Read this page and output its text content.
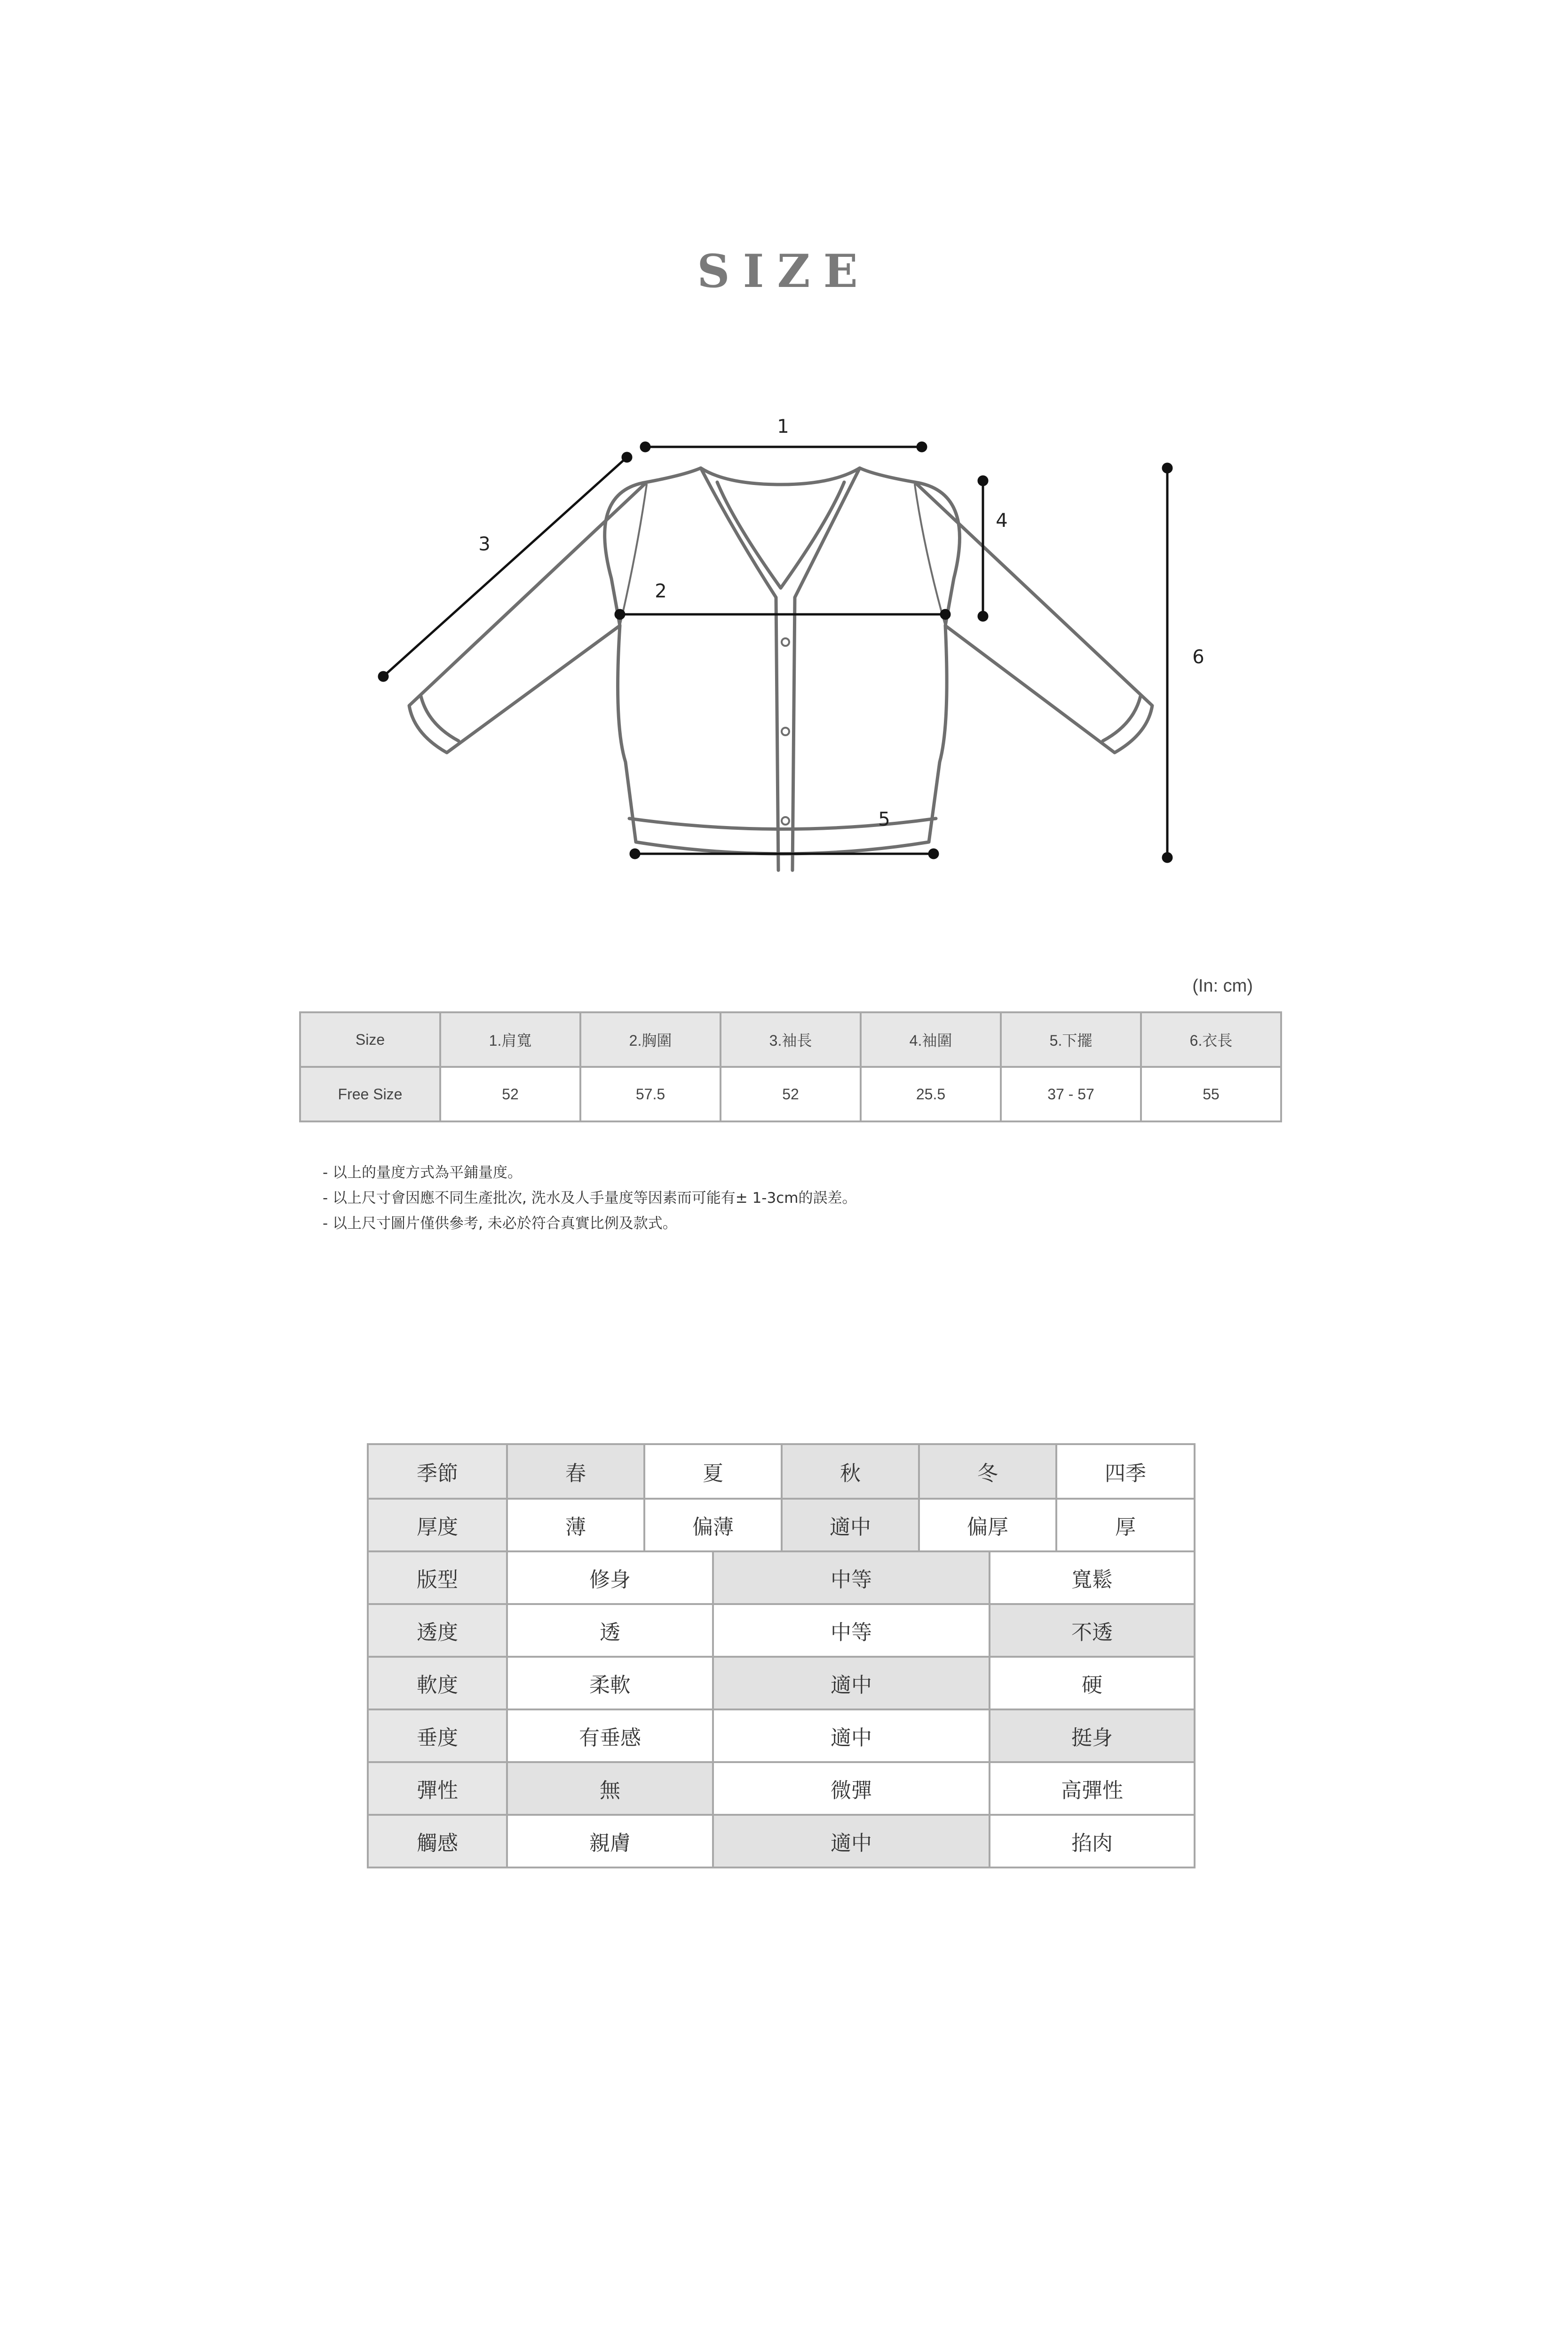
SIZE
1
2
3
4
5
6
(In: cm)
Size	1.肩寬	2.胸圍	3.袖長	4.袖圍	5.下擺	6.衣長
Free Size	52	57.5	52	25.5	37 - 57	55
- 以上的量度方式為平鋪量度。
- 以上尺寸會因應不同生產批次, 洗水及人手量度等因素而可能有± 1-3cm的誤差。
- 以上尺寸圖片僅供參考, 未必於符合真實比例及款式。
季節	春	夏	秋	冬	四季
厚度	薄	偏薄	適中	偏厚	厚
版型	修身	中等	寬鬆
透度	透	中等	不透
軟度	柔軟	適中	硬
垂度	有垂感	適中	挺身
彈性	無	微彈	高彈性
觸感	親膚	適中	掐肉
